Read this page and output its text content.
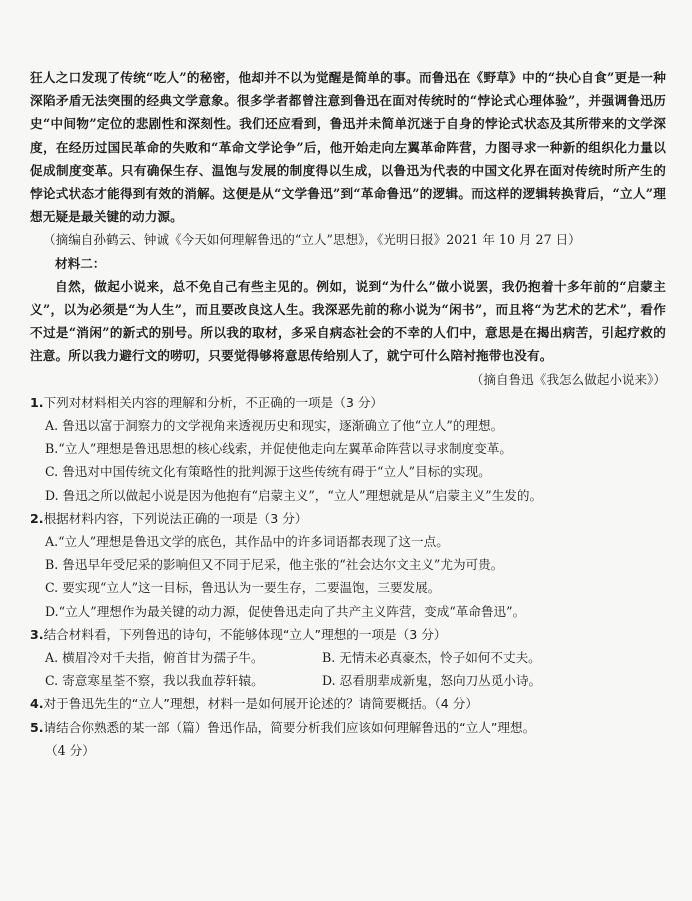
狂人之口发现了传统“吃人”的秘密，他却并不以为觉醒是简单的事。而鲁迅在《野草》中的“抉心自食”更是一种深陷矛盾无法突围的经典文学意象。很多学者都曾注意到鲁迅在面对传统时的“悖论式心理体验”，并强调鲁迅历史“中间物”定位的悲剧性和深刻性。我们还应看到，鲁迅并未简单沉迷于自身的悖论式状态及其所带来的文学深度，在经历过国民革命的失败和“革命文学论争”后，他开始走向左翼革命阵营，力图寻求一种新的组织化力量以促成制度变革。只有确保生存、温饱与发展的制度得以生成，以鲁迅为代表的中国文化界在面对传统时所产生的悖论式状态才能得到有效的消解。这便是从“文学鲁迅”到“革命鲁迅”的逻辑。而这样的逻辑转换背后，“立人”理想无疑是最关键的动力源。

（摘编自孙鹤云、钟诚《今天如何理解鲁迅的“立人”思想》，《光明日报》2021 年 10 月 27 日）

材料二：

自然，做起小说来，总不免自己有些主见的。例如，说到“为什么”做小说罢，我仍抱着十多年前的“启蒙主义”，以为必须是“为人生”，而且要改良这人生。我深恶先前的称小说为“闲书”，而且将“为艺术的艺术”，看作不过是“消闲”的新式的别号。所以我的取材，多采自病态社会的不幸的人们中，意思是在揭出病苦，引起疗救的注意。所以我力避行文的唠叨，只要觉得够将意思传给别人了，就宁可什么陪衬拖带也没有。

（摘自鲁迅《我怎么做起小说来》）

1.下列对材料相关内容的理解和分析，不正确的一项是（3 分）

A. 鲁迅以富于洞察力的文学视角来透视历史和现实，逐渐确立了他“立人”的理想。

B.“立人”理想是鲁迅思想的核心线索，并促使他走向左翼革命阵营以寻求制度变革。

C. 鲁迅对中国传统文化有策略性的批判源于这些传统有碍于“立人”目标的实现。

D. 鲁迅之所以做起小说是因为他抱有“启蒙主义”，“立人”理想就是从“启蒙主义”生发的。

2.根据材料内容，下列说法正确的一项是（3 分）

A.“立人”理想是鲁迅文学的底色，其作品中的许多词语都表现了这一点。

B. 鲁迅早年受尼采的影响但又不同于尼采，他主张的“社会达尔文主义”尤为可贵。

C. 要实现“立人”这一目标，鲁迅认为一要生存，二要温饱，三要发展。

D.“立人”理想作为最关键的动力源，促使鲁迅走向了共产主义阵营，变成“革命鲁迅”。

3.结合材料看，下列鲁迅的诗句，不能够体现“立人”理想的一项是（3 分）

A. 横眉冷对千夫指，俯首甘为孺子牛。	B. 无情未必真豪杰，怜子如何不丈夫。
C. 寄意寒星荃不察，我以我血荐轩辕。	D. 忍看朋辈成新鬼，怒向刀丛觅小诗。

4.对于鲁迅先生的“立人”理想，材料一是如何展开论述的？请简要概括。（4 分）

5.请结合你熟悉的某一部（篇）鲁迅作品，简要分析我们应该如何理解鲁迅的“立人”理想。

（4 分）
